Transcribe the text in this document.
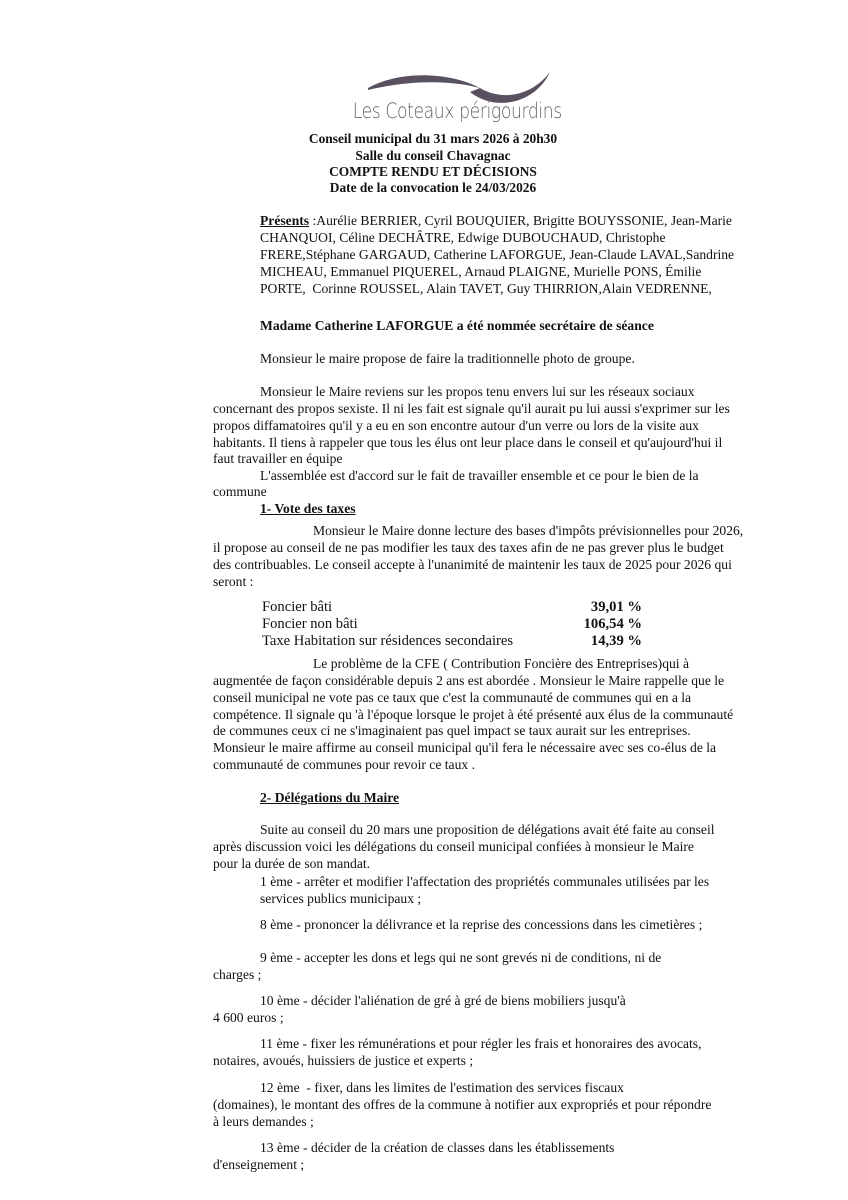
Les Coteaux périgourdins
Conseil municipal du 31 mars 2026 à 20h30
Salle du conseil Chavagnac
COMPTE RENDU ET DÉCISIONS
Date de la convocation le 24/03/2026
Présents :Aurélie BERRIER, Cyril BOUQUIER, Brigitte BOUYSSONIE, Jean-Marie
CHANQUOI, Céline DECHÂTRE, Edwige DUBOUCHAUD, Christophe
FRERE,Stéphane GARGAUD, Catherine LAFORGUE, Jean-Claude LAVAL,Sandrine
MICHEAU, Emmanuel PIQUEREL, Arnaud PLAIGNE, Murielle PONS, Émilie
PORTE,  Corinne ROUSSEL, Alain TAVET, Guy THIRRION,Alain VEDRENNE,
Madame Catherine LAFORGUE a été nommée secrétaire de séance
Monsieur le maire propose de faire la traditionnelle photo de groupe.
Monsieur le Maire reviens sur les propos tenu envers lui sur les réseaux sociaux
concernant des propos sexiste. Il ni les fait est signale qu'il aurait pu lui aussi s'exprimer sur les
propos diffamatoires qu'il y a eu en son encontre autour d'un verre ou lors de la visite aux
habitants. Il tiens à rappeler que tous les élus ont leur place dans le conseil et qu'aujourd'hui il
faut travailler en équipe
L'assemblée est d'accord sur le fait de travailler ensemble et ce pour le bien de la
commune
1- Vote des taxes
Monsieur le Maire donne lecture des bases d'impôts prévisionnelles pour 2026,
il propose au conseil de ne pas modifier les taux des taxes afin de ne pas grever plus le budget
des contribuables. Le conseil accepte à l'unanimité de maintenir les taux de 2025 pour 2026 qui
seront :
Le problème de la CFE ( Contribution Foncière des Entreprises)qui à
augmentée de façon considérable depuis 2 ans est abordée . Monsieur le Maire rappelle que le
conseil municipal ne vote pas ce taux que c'est la communauté de communes qui en a la
compétence. Il signale qu 'à l'époque lorsque le projet à été présenté aux élus de la communauté
de communes ceux ci ne s'imaginaient pas quel impact se taux aurait sur les entreprises.
Monsieur le maire affirme au conseil municipal qu'il fera le nécessaire avec ses co-élus de la
communauté de communes pour revoir ce taux .
2- Délégations du Maire
Suite au conseil du 20 mars une proposition de délégations avait été faite au conseil
après discussion voici les délégations du conseil municipal confiées à monsieur le Maire
pour la durée de son mandat.
1 ème - arrêter et modifier l'affectation des propriétés communales utilisées par les
services publics municipaux ;
8 ème - prononcer la délivrance et la reprise des concessions dans les cimetières ;
9 ème - accepter les dons et legs qui ne sont grevés ni de conditions, ni de
charges ;
10 ème - décider l'aliénation de gré à gré de biens mobiliers jusqu'à
4 600 euros ;
11 ème - fixer les rémunérations et pour régler les frais et honoraires des avocats,
notaires, avoués, huissiers de justice et experts ;
12 ème  - fixer, dans les limites de l'estimation des services fiscaux
(domaines), le montant des offres de la commune à notifier aux expropriés et pour répondre
à leurs demandes ;
13 ème - décider de la création de classes dans les établissements
d'enseignement ;
Foncier bâti	39,01 %
Foncier non bâti	106,54 %
Taxe Habitation sur résidences secondaires	14,39 %
